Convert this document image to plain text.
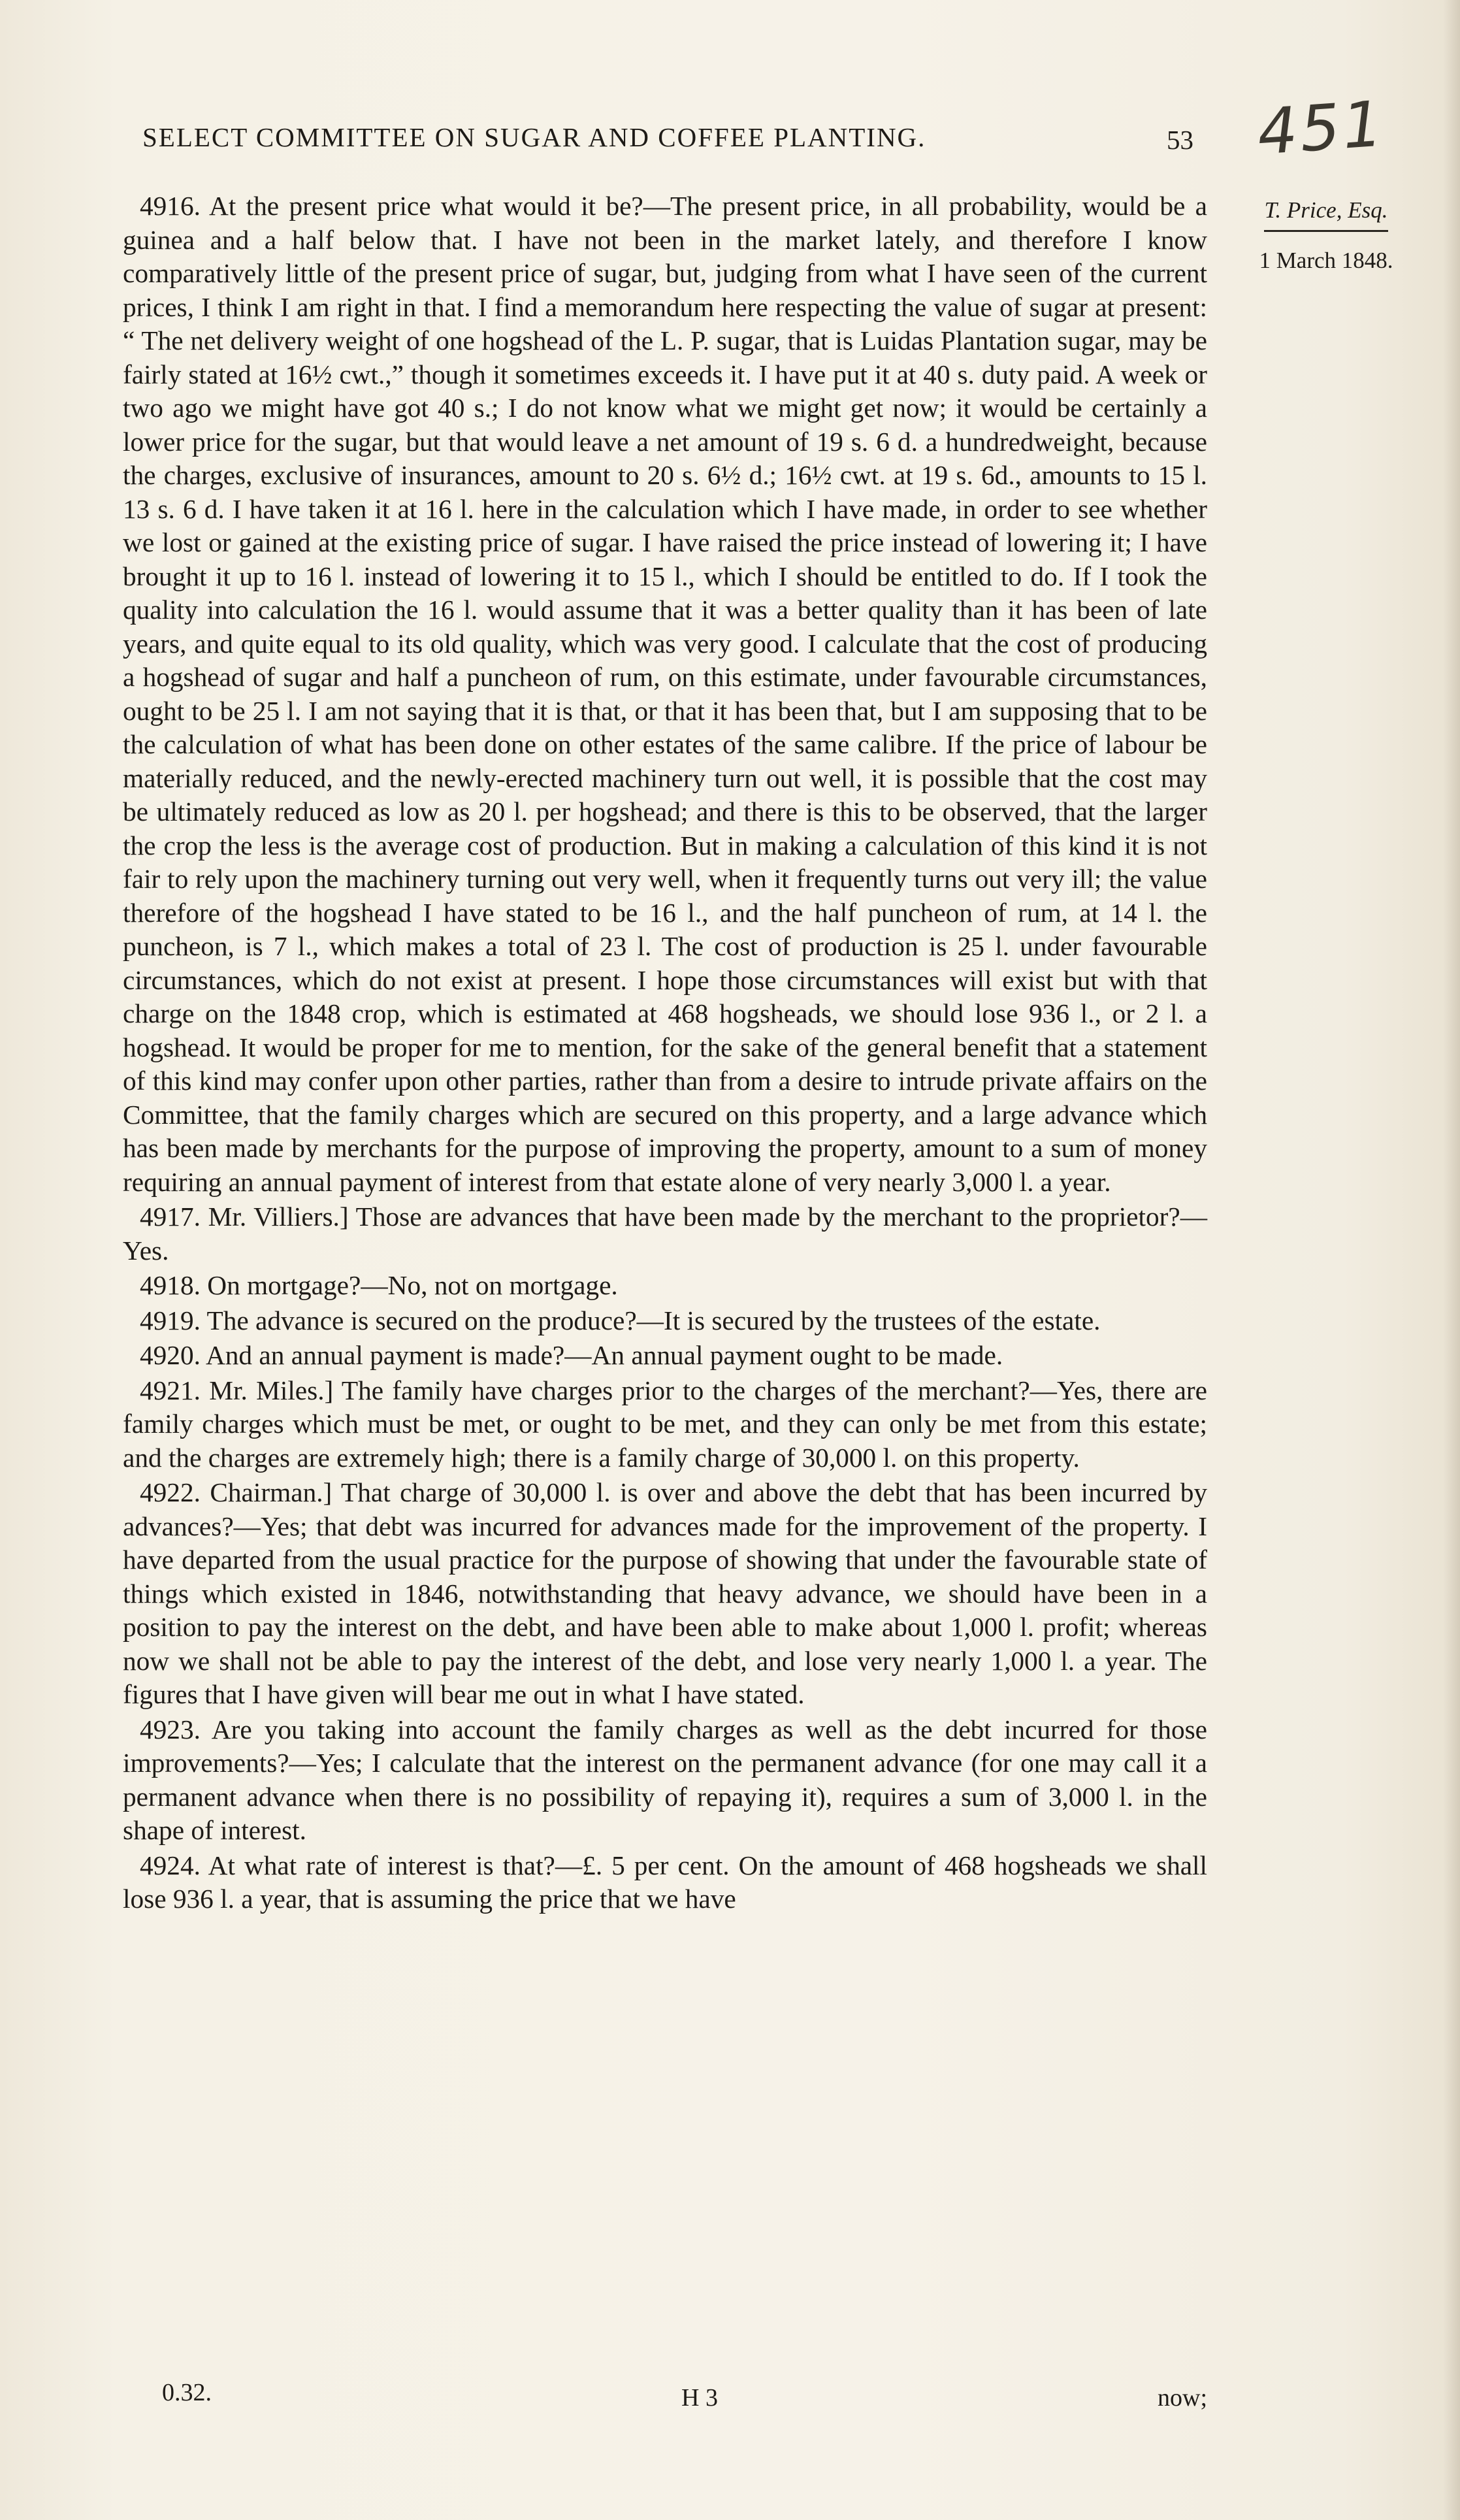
SELECT COMMITTEE ON SUGAR AND COFFEE PLANTING.	53 451
T. Price, Esq.
1 March 1848.

4916. At the present price what would it be?—The present price, in all probability, would be a guinea and a half below that. I have not been in the market lately, and therefore I know comparatively little of the present price of sugar, but, judging from what I have seen of the current prices, I think I am right in that. I find a memorandum here respecting the value of sugar at present: “ The net delivery weight of one hogshead of the L. P. sugar, that is Luidas Plantation sugar, may be fairly stated at 16½ cwt.,” though it sometimes exceeds it. I have put it at 40 s. duty paid. A week or two ago we might have got 40 s.; I do not know what we might get now; it would be certainly a lower price for the sugar, but that would leave a net amount of 19 s. 6 d. a hundredweight, because the charges, exclusive of insurances, amount to 20 s. 6½ d.; 16½ cwt. at 19 s. 6d., amounts to 15 l. 13 s. 6 d. I have taken it at 16 l. here in the calculation which I have made, in order to see whether we lost or gained at the existing price of sugar. I have raised the price instead of lowering it; I have brought it up to 16 l. instead of lowering it to 15 l., which I should be entitled to do. If I took the quality into calculation the 16 l. would assume that it was a better quality than it has been of late years, and quite equal to its old quality, which was very good. I calculate that the cost of producing a hogshead of sugar and half a puncheon of rum, on this estimate, under favourable circumstances, ought to be 25 l. I am not saying that it is that, or that it has been that, but I am supposing that to be the calculation of what has been done on other estates of the same calibre. If the price of labour be materially reduced, and the newly-erected machinery turn out well, it is possible that the cost may be ultimately reduced as low as 20 l. per hogshead; and there is this to be observed, that the larger the crop the less is the average cost of production. But in making a calculation of this kind it is not fair to rely upon the machinery turning out very well, when it frequently turns out very ill; the value therefore of the hogshead I have stated to be 16 l., and the half puncheon of rum, at 14 l. the puncheon, is 7 l., which makes a total of 23 l. The cost of production is 25 l. under favourable circumstances, which do not exist at present. I hope those circumstances will exist but with that charge on the 1848 crop, which is estimated at 468 hogsheads, we should lose 936 l., or 2 l. a hogshead. It would be proper for me to mention, for the sake of the general benefit that a statement of this kind may confer upon other parties, rather than from a desire to intrude private affairs on the Committee, that the family charges which are secured on this property, and a large advance which has been made by merchants for the purpose of improving the property, amount to a sum of money requiring an annual payment of interest from that estate alone of very nearly 3,000 l. a year.

4917. Mr. Villiers.] Those are advances that have been made by the merchant to the proprietor?—Yes.

4918. On mortgage?—No, not on mortgage.

4919. The advance is secured on the produce?—It is secured by the trustees of the estate.

4920. And an annual payment is made?—An annual payment ought to be made.

4921. Mr. Miles.] The family have charges prior to the charges of the merchant?—Yes, there are family charges which must be met, or ought to be met, and they can only be met from this estate; and the charges are extremely high; there is a family charge of 30,000 l. on this property.

4922. Chairman.] That charge of 30,000 l. is over and above the debt that has been incurred by advances?—Yes; that debt was incurred for advances made for the improvement of the property. I have departed from the usual practice for the purpose of showing that under the favourable state of things which existed in 1846, notwithstanding that heavy advance, we should have been in a position to pay the interest on the debt, and have been able to make about 1,000 l. profit; whereas now we shall not be able to pay the interest of the debt, and lose very nearly 1,000 l. a year. The figures that I have given will bear me out in what I have stated.

4923. Are you taking into account the family charges as well as the debt incurred for those improvements?—Yes; I calculate that the interest on the permanent advance (for one may call it a permanent advance when there is no possibility of repaying it), requires a sum of 3,000 l. in the shape of interest.

4924. At what rate of interest is that?—£. 5 per cent. On the amount of 468 hogsheads we shall lose 936 l. a year, that is assuming the price that we have

0.32.	H 3	now;
